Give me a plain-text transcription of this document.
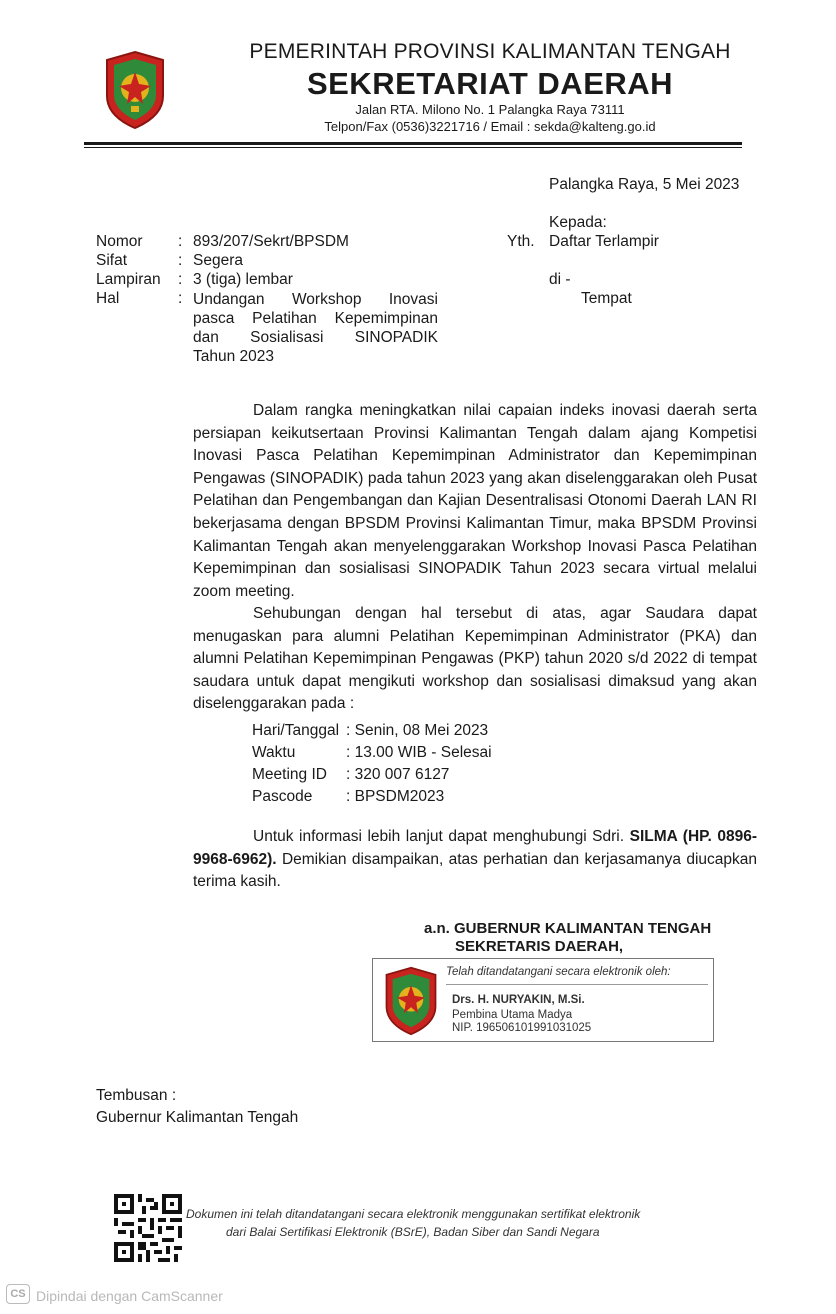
PEMERINTAH PROVINSI KALIMANTAN TENGAH
SEKRETARIAT DAERAH
Jalan RTA. Milono No. 1 Palangka Raya 73111
Telpon/Fax (0536)3221716 / Email : sekda@kalteng.go.id
Palangka Raya, 5 Mei 2023
Kepada:
Yth. Daftar Terlampir
di -
Tempat
Nomor	: 893/207/Sekrt/BPSDM
Sifat	: Segera
Lampiran	: 3 (tiga) lembar
Hal	: Undangan Workshop Inovasi
pasca Pelatihan Kepemimpinan
dan Sosialisasi SINOPADIK
Tahun 2023

Dalam rangka meningkatkan nilai capaian indeks inovasi daerah serta persiapan keikutsertaan Provinsi Kalimantan Tengah dalam ajang Kompetisi Inovasi Pasca Pelatihan Kepemimpinan Administrator dan Kepemimpinan Pengawas (SINOPADIK) pada tahun 2023 yang akan diselenggarakan oleh Pusat Pelatihan dan Pengembangan dan Kajian Desentralisasi Otonomi Daerah LAN RI bekerjasama dengan BPSDM Provinsi Kalimantan Timur, maka BPSDM Provinsi Kalimantan Tengah akan menyelenggarakan Workshop Inovasi Pasca Pelatihan Kepemimpinan dan sosialisasi SINOPADIK Tahun 2023 secara virtual melalui zoom meeting.

Sehubungan dengan hal tersebut di atas, agar Saudara dapat menugaskan para alumni Pelatihan Kepemimpinan Administrator (PKA) dan alumni Pelatihan Kepemimpinan Pengawas (PKP) tahun 2020 s/d 2022 di tempat saudara untuk dapat mengikuti workshop dan sosialisasi dimaksud yang akan diselenggarakan pada :

Hari/Tanggal : Senin, 08 Mei 2023
Waktu	: 13.00 WIB - Selesai
Meeting ID : 320 007 6127
Pascode : BPSDM2023

Untuk informasi lebih lanjut dapat menghubungi Sdri. SILMA (HP. 0896-9968-6962). Demikian disampaikan, atas perhatian dan kerjasamanya diucapkan terima kasih.

a.n. GUBERNUR KALIMANTAN TENGAH
SEKRETARIS DAERAH,
Telah ditandatangani secara elektronik oleh:
Drs. H. NURYAKIN, M.Si.
Pembina Utama Madya
NIP. 196506101991031025
Tembusan :
Gubernur Kalimantan Tengah
Dokumen ini telah ditandatangani secara elektronik menggunakan sertifikat elektronik
dari Balai Sertifikasi Elektronik (BSrE), Badan Siber dan Sandi Negara
CS Dipindai dengan CamScanner
